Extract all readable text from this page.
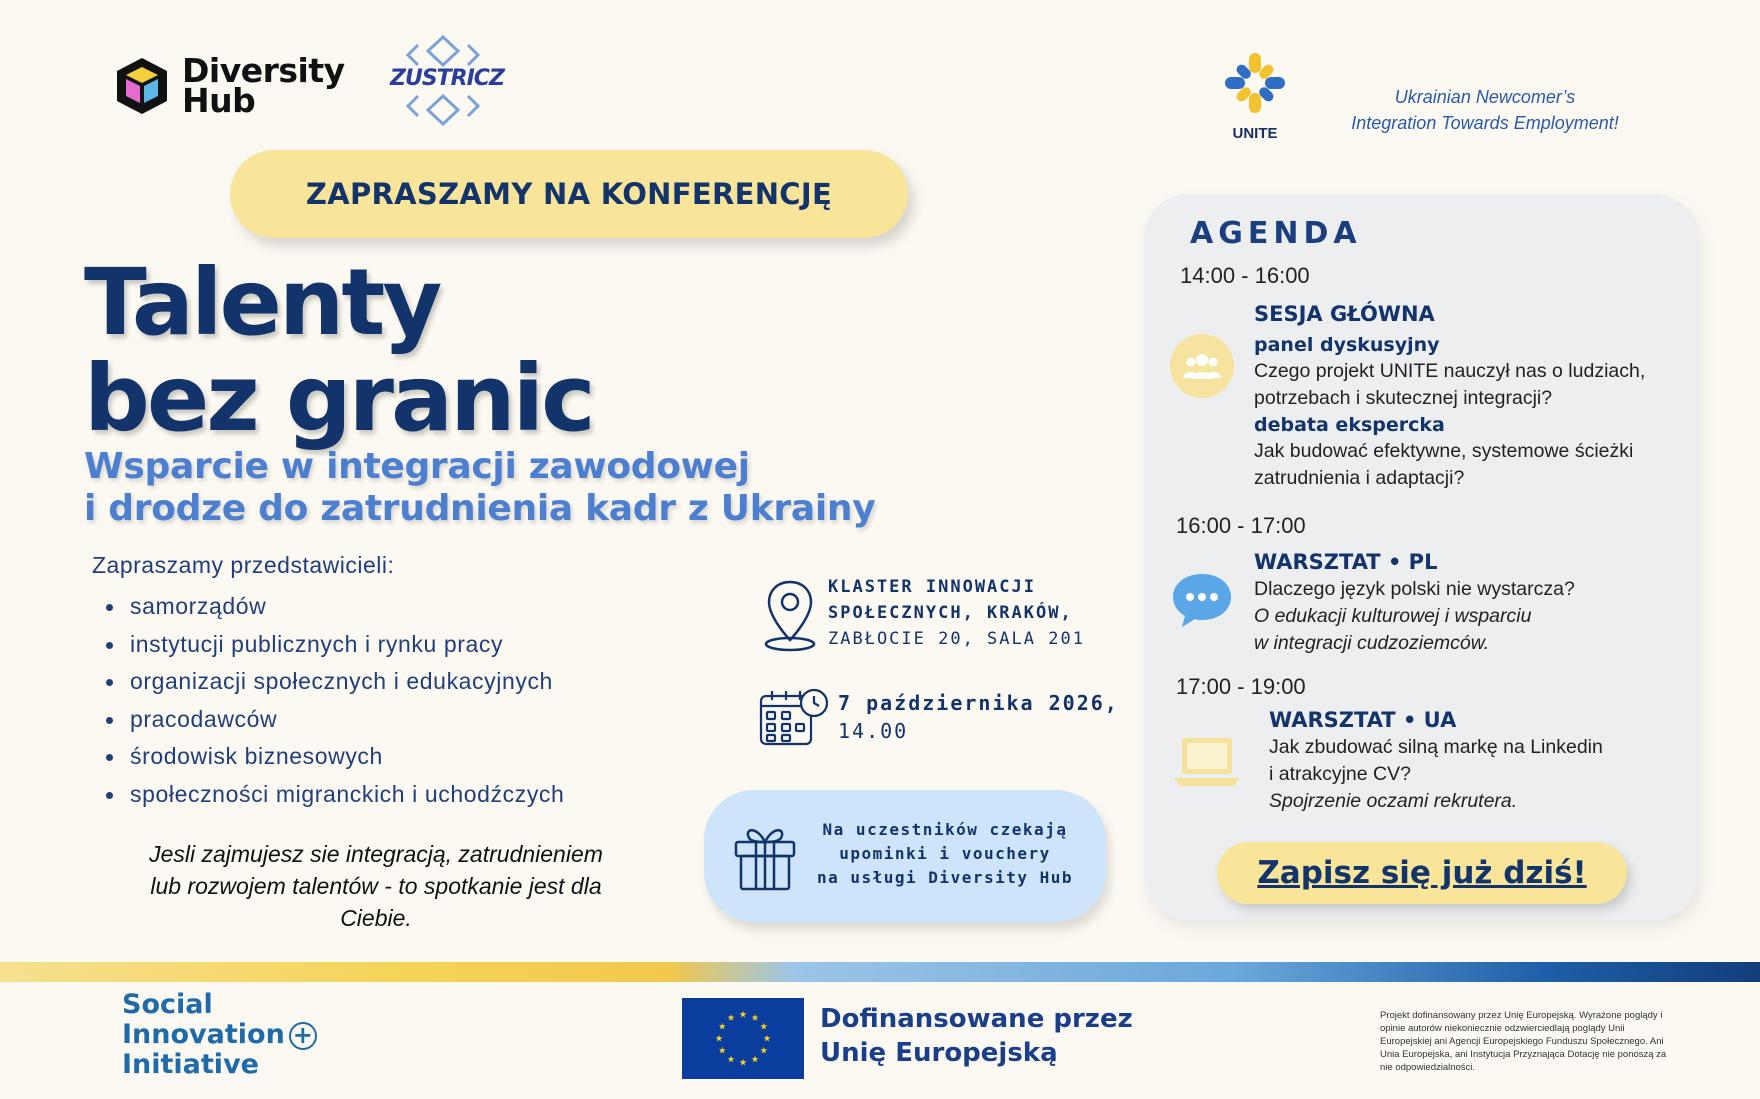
Diversity
Hub
ZUSTRICZ
UNITE
Ukrainian Newcomer’s
Integration Towards Employment!
ZAPRASZAMY NA KONFERENCJĘ
Talenty
bez granic
Wsparcie w integracji zawodowej
i drodze do zatrudnienia kadr z Ukrainy
Zapraszamy przedstawicieli:
samorządów
instytucji publicznych i rynku pracy
organizacji społecznych i edukacyjnych
pracodawców
środowisk biznesowych
społeczności migranckich i uchodźczych
Jesli zajmujesz sie integracją, zatrudnieniem
lub rozwojem talentów - to spotkanie jest dla
Ciebie.
KLASTER INNOWACJI
SPOŁECZNYCH, KRAKÓW,
ZABŁOCIE 20, SALA 201
7 października 2026,
14.00
Na uczestników czekają
upominki i vouchery
na usługi Diversity Hub
AGENDA
14:00 - 16:00
SESJA GŁÓWNA
panel dyskusyjny
Czego projekt UNITE nauczył nas o ludziach,
potrzebach i skutecznej integracji?
debata ekspercka
Jak budować efektywne, systemowe ścieżki
zatrudnienia i adaptacji?
16:00 - 17:00
WARSZTAT • PL
Dlaczego język polski nie wystarcza?
O edukacji kulturowej i wsparciu
w integracji cudzoziemców.
17:00 - 19:00
WARSZTAT • UA
Jak zbudować silną markę na Linkedin
i atrakcyjne CV?
Spojrzenie oczami rekrutera.
Zapisz się już dziś!
Social
Innovation +
Initiative
Dofinansowane przez
Unię Europejską
Projekt dofinansowany przez Unię Europejską. Wyrażone poglądy i opinie autorów niekoniecznie odzwierciedlają poglądy Unii Europejskiej ani Agencji Europejskiego Funduszu Społecznego. Ani Unia Europejska, ani Instytucja Przyznająca Dotację nie ponoszą za nie odpowiedzialności.
